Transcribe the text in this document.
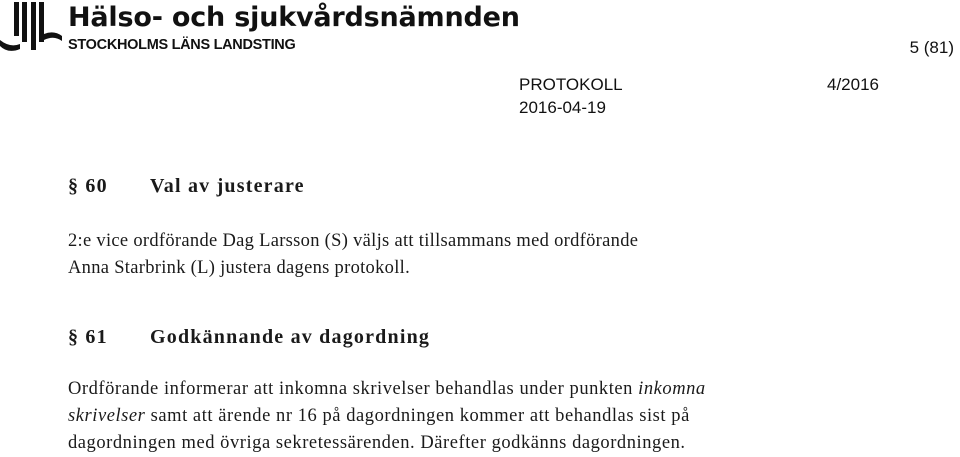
Hälso- och sjukvårdsnämnden
STOCKHOLMS LÄNS LANDSTING	5 (81)
PROTOKOLL	4/2016
2016-04-19
§ 60 Val av justerare
2:e vice ordförande Dag Larsson (S) väljs att tillsammans med ordförande
Anna Starbrink (L) justera dagens protokoll.
§ 61 Godkännande av dagordning
Ordförande informerar att inkomna skrivelser behandlas under punkten inkomna
skrivelser samt att ärende nr 16 på dagordningen kommer att behandlas sist på
dagordningen med övriga sekretessärenden. Därefter godkänns dagordningen.
